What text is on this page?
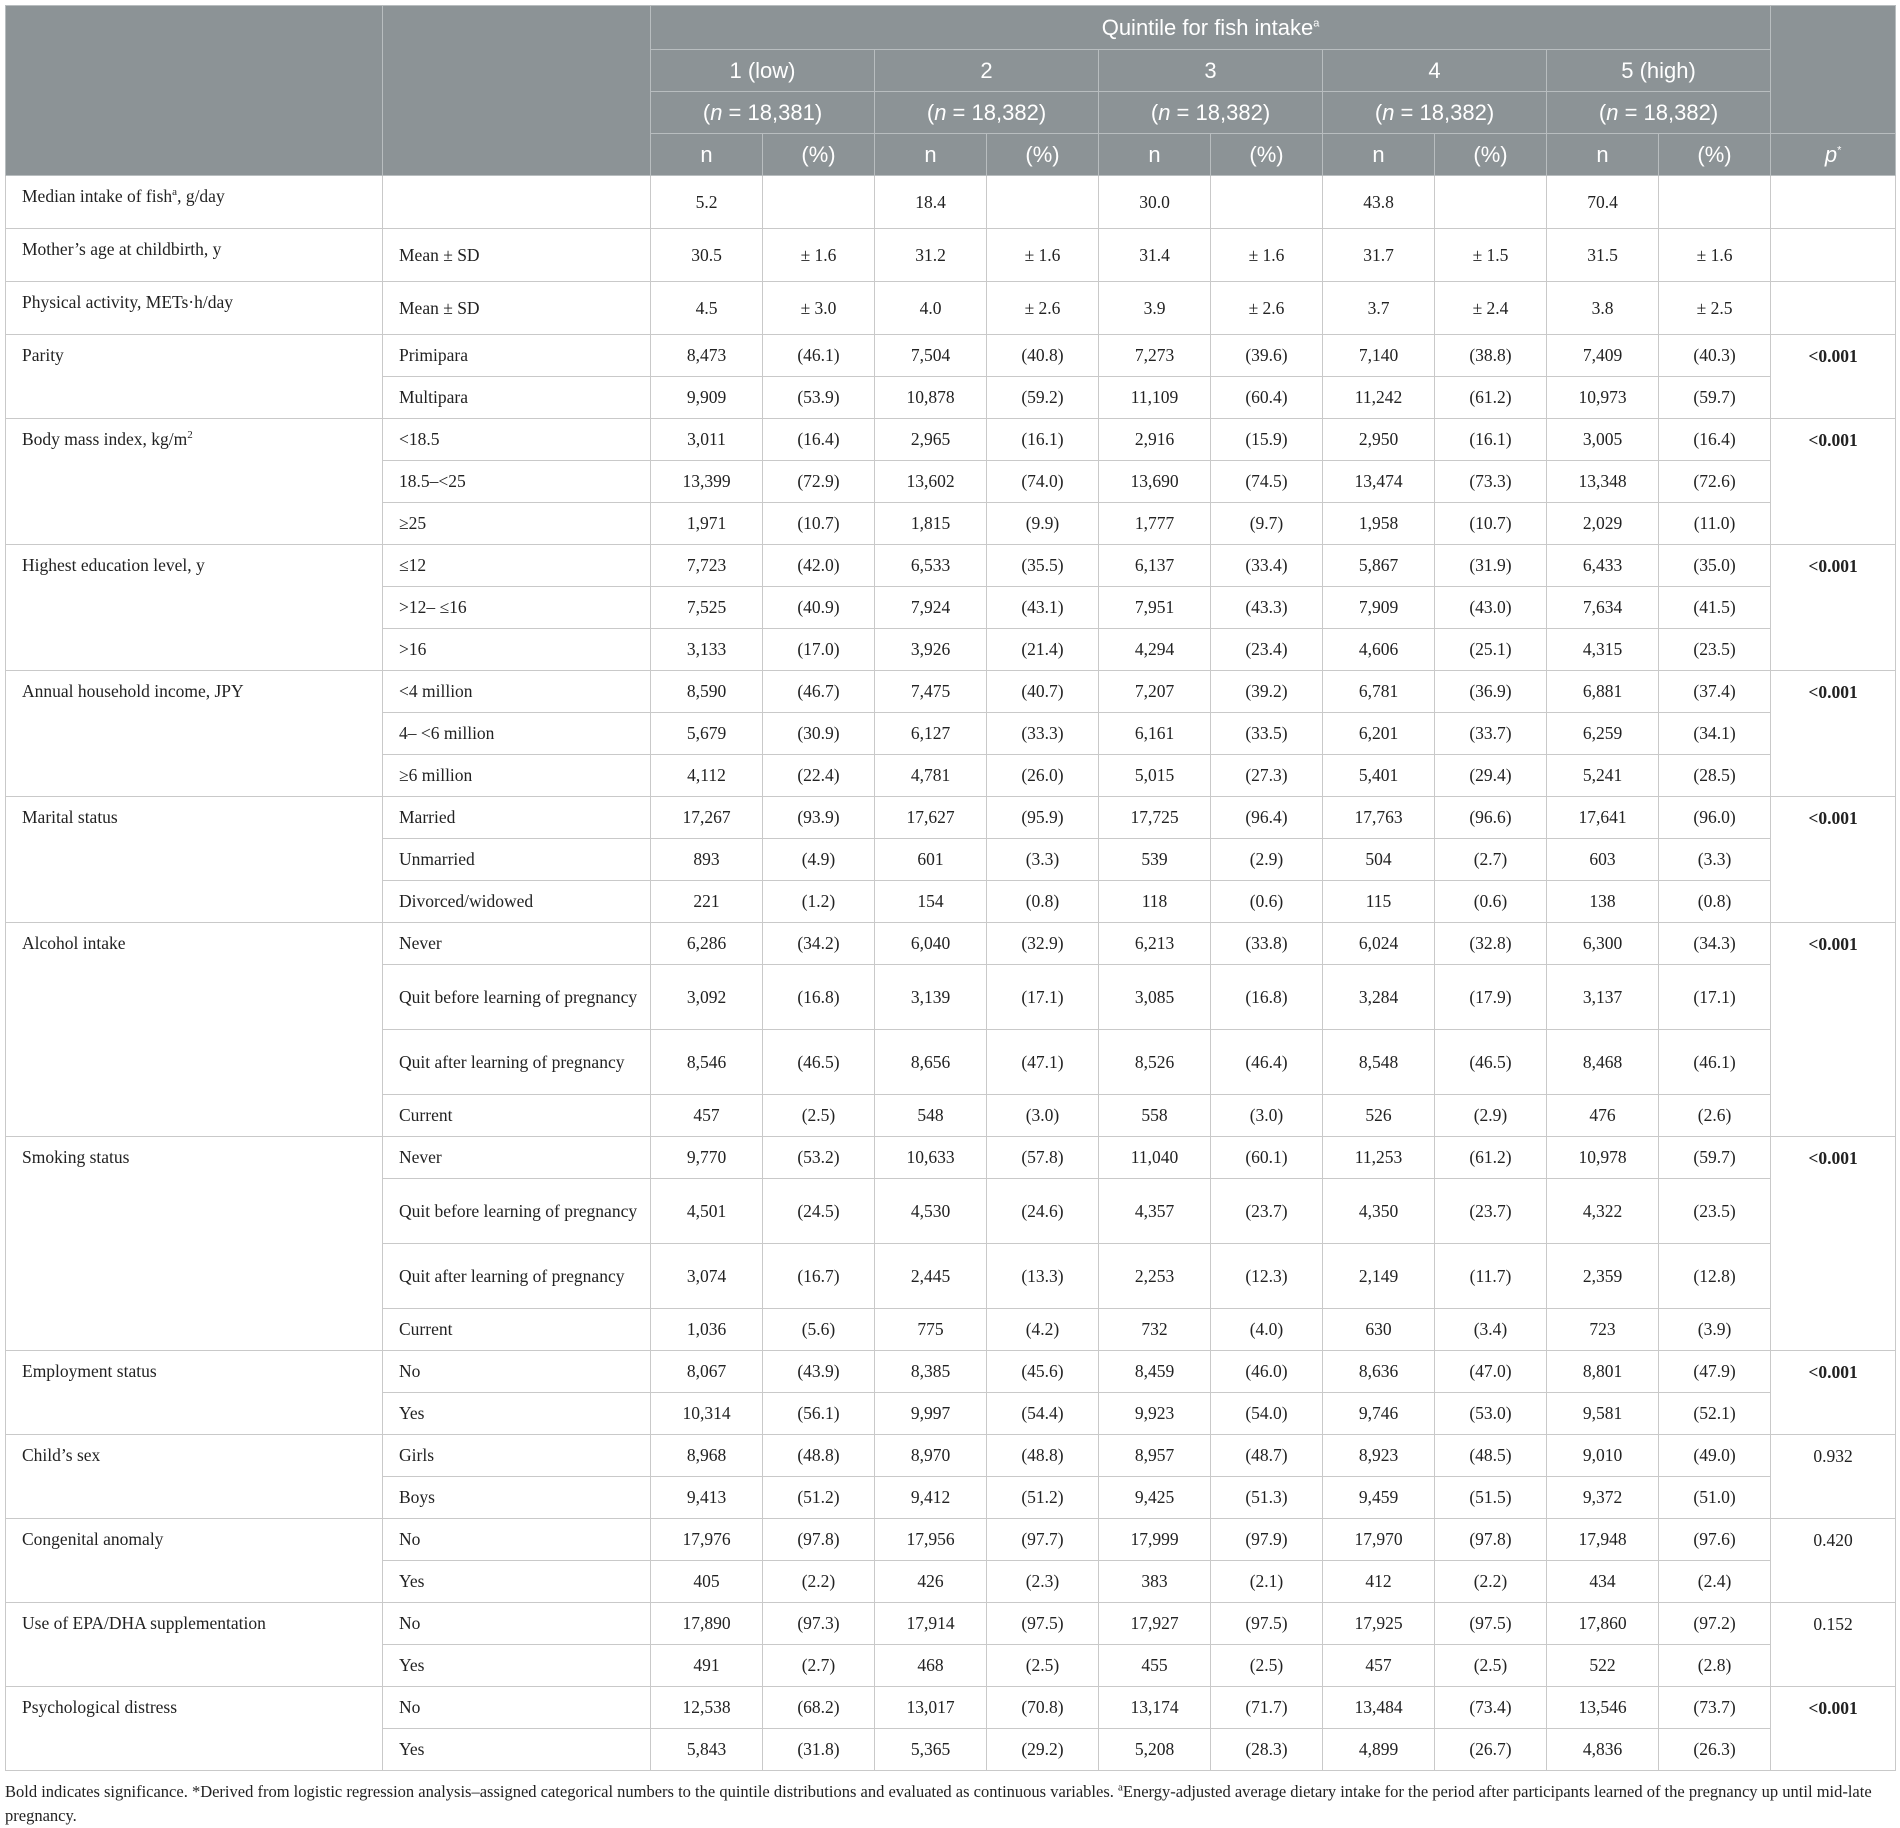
		Quintile for fish intake$^a$	
		1 (low)		2		3		4		5 (high)		
		(n = 18,381)		(n = 18,382)		(n = 18,382)		(n = 18,382)		(n = 18,382)		
		n	(%)	n	(%)	n	(%)	n	(%)	n	(%)	p*
Median intake of fish$^a$, g/day		5.2		18.4		30.0		43.8		70.4		
Mother’s age at childbirth, y	Mean ± SD	30.5	± 1.6	31.2	± 1.6	31.4	± 1.6	31.7	± 1.5	31.5	± 1.6	
Physical activity, METs·h/day	Mean ± SD	4.5	± 3.0	4.0	± 2.6	3.9	± 2.6	3.7	± 2.4	3.8	± 2.5	
Parity	Primipara	8,473	(46.1)	7,504	(40.8)	7,273	(39.6)	7,140	(38.8)	7,409	(40.3)	<0.001
	Multipara	9,909	(53.9)	10,878	(59.2)	11,109	(60.4)	11,242	(61.2)	10,973	(59.7)	
Body mass index, $kg/m^2$	<18.5	3,011	(16.4)	2,965	(16.1)	2,916	(15.9)	2,950	(16.1)	3,005	(16.4)	<0.001
	18.5–<25	13,399	(72.9)	13,602	(74.0)	13,690	(74.5)	13,474	(73.3)	13,348	(72.6)	
	≥25	1,971	(10.7)	1,815	(9.9)	1,777	(9.7)	1,958	(10.7)	2,029	(11.0)	
Highest education level, y	≤12	7,723	(42.0)	6,533	(35.5)	6,137	(33.4)	5,867	(31.9)	6,433	(35.0)	<0.001
	>12– ≤16	7,525	(40.9)	7,924	(43.1)	7,951	(43.3)	7,909	(43.0)	7,634	(41.5)	
	>16	3,133	(17.0)	3,926	(21.4)	4,294	(23.4)	4,606	(25.1)	4,315	(23.5)	
Annual household income, JPY	<4 million	8,590	(46.7)	7,475	(40.7)	7,207	(39.2)	6,781	(36.9)	6,881	(37.4)	<0.001
	4– <6 million	5,679	(30.9)	6,127	(33.3)	6,161	(33.5)	6,201	(33.7)	6,259	(34.1)	
	≥6 million	4,112	(22.4)	4,781	(26.0)	5,015	(27.3)	5,401	(29.4)	5,241	(28.5)	
Marital status	Married	17,267	(93.9)	17,627	(95.9)	17,725	(96.4)	17,763	(96.6)	17,641	(96.0)	<0.001
	Unmarried	893	(4.9)	601	(3.3)	539	(2.9)	504	(2.7)	603	(3.3)	
	Divorced/widowed	221	(1.2)	154	(0.8)	118	(0.6)	115	(0.6)	138	(0.8)	
Alcohol intake	Never	6,286	(34.2)	6,040	(32.9)	6,213	(33.8)	6,024	(32.8)	6,300	(34.3)	<0.001
	Quit before learning of pregnancy	3,092	(16.8)	3,139	(17.1)	3,085	(16.8)	3,284	(17.9)	3,137	(17.1)	
	Quit after learning of pregnancy	8,546	(46.5)	8,656	(47.1)	8,526	(46.4)	8,548	(46.5)	8,468	(46.1)	
	Current	457	(2.5)	548	(3.0)	558	(3.0)	526	(2.9)	476	(2.6)	
Smoking status	Never	9,770	(53.2)	10,633	(57.8)	11,040	(60.1)	11,253	(61.2)	10,978	(59.7)	<0.001
	Quit before learning of pregnancy	4,501	(24.5)	4,530	(24.6)	4,357	(23.7)	4,350	(23.7)	4,322	(23.5)	
	Quit after learning of pregnancy	3,074	(16.7)	2,445	(13.3)	2,253	(12.3)	2,149	(11.7)	2,359	(12.8)	
	Current	1,036	(5.6)	775	(4.2)	732	(4.0)	630	(3.4)	723	(3.9)	
Employment status	No	8,067	(43.9)	8,385	(45.6)	8,459	(46.0)	8,636	(47.0)	8,801	(47.9)	<0.001
	Yes	10,314	(56.1)	9,997	(54.4)	9,923	(54.0)	9,746	(53.0)	9,581	(52.1)	
Child’s sex	Girls	8,968	(48.8)	8,970	(48.8)	8,957	(48.7)	8,923	(48.5)	9,010	(49.0)	0.932
	Boys	9,413	(51.2)	9,412	(51.2)	9,425	(51.3)	9,459	(51.5)	9,372	(51.0)	
Congenital anomaly	No	17,976	(97.8)	17,956	(97.7)	17,999	(97.9)	17,970	(97.8)	17,948	(97.6)	0.420
	Yes	405	(2.2)	426	(2.3)	383	(2.1)	412	(2.2)	434	(2.4)	
Use of EPA/DHA supplementation	No	17,890	(97.3)	17,914	(97.5)	17,927	(97.5)	17,925	(97.5)	17,860	(97.2)	0.152
	Yes	491	(2.7)	468	(2.5)	455	(2.5)	457	(2.5)	522	(2.8)	
Psychological distress	No	12,538	(68.2)	13,017	(70.8)	13,174	(71.7)	13,484	(73.4)	13,546	(73.7)	<0.001
	Yes	5,843	(31.8)	5,365	(29.2)	5,208	(28.3)	4,899	(26.7)	4,836	(26.3)	
Bold indicates significance. *Derived from logistic regression analysis–assigned categorical numbers to the quintile distributions and evaluated as continuous variables. $^a$Energy-adjusted average dietary intake for the period after participants learned of the pregnancy up until mid-late pregnancy.
